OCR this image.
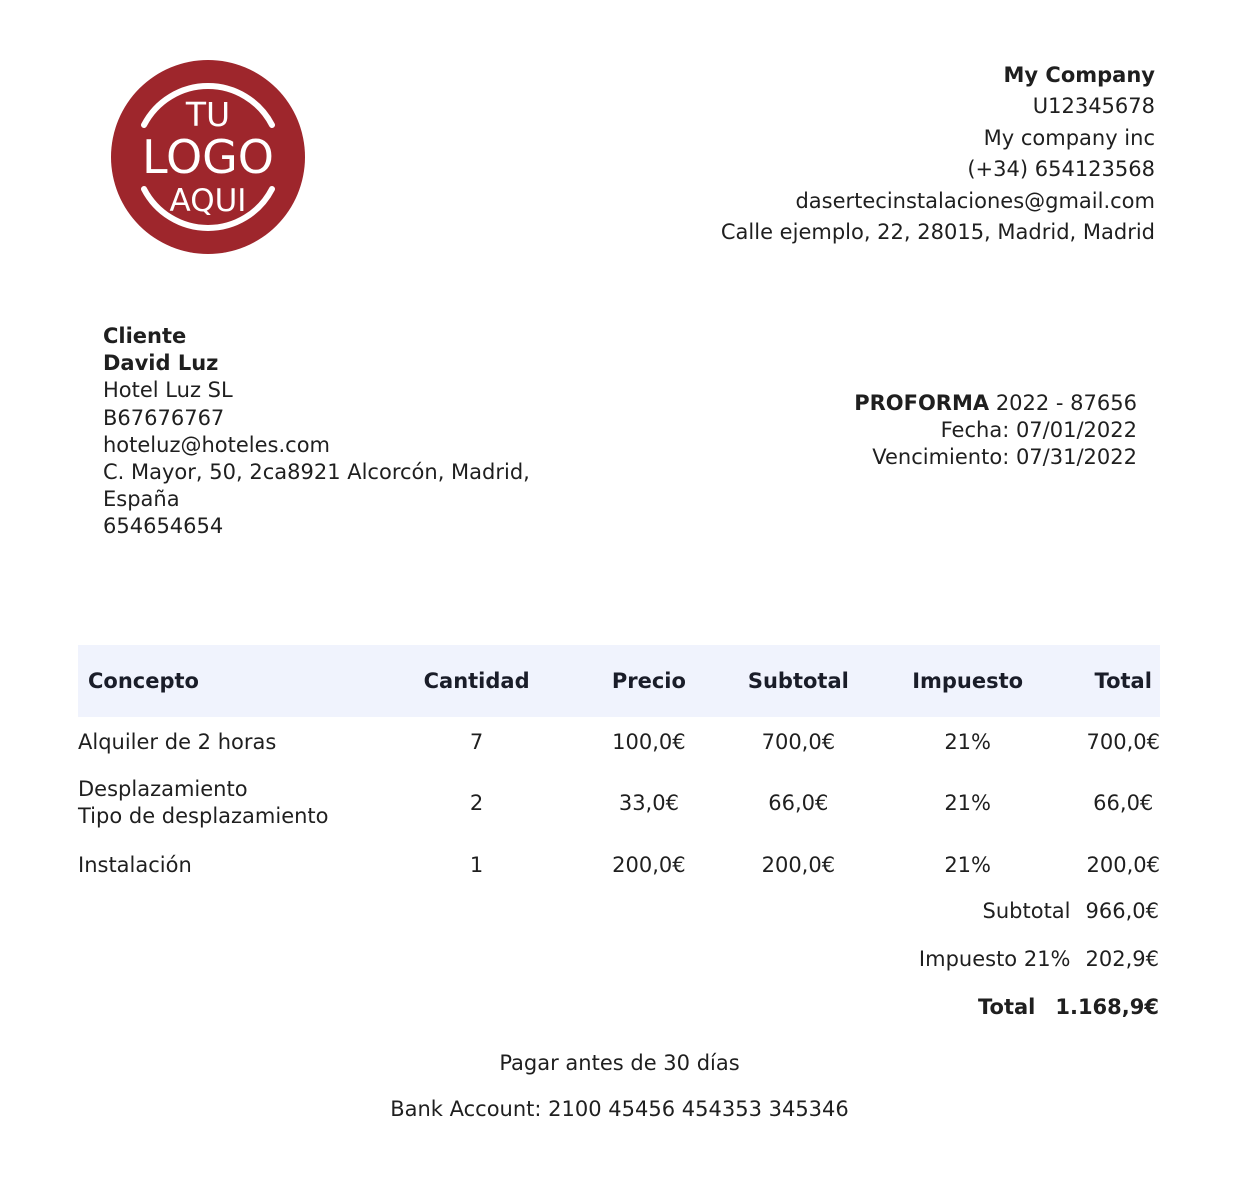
TU
LOGO
AQUI
My Company
U12345678
My company inc
(+34) 654123568
dasertecinstalaciones@gmail.com
Calle ejemplo, 22, 28015, Madrid, Madrid
Cliente
David Luz
Hotel Luz SL
B67676767
hoteluz@hoteles.com
C. Mayor, 50, 2ca8921 Alcorcón, Madrid,
España
654654654
PROFORMA 2022 - 87656
Fecha: 07/01/2022
Vencimiento: 07/31/2022
Concepto	Cantidad	Precio	Subtotal	Impuesto	Total

Alquiler de 2 horas	7	100,0€	700,0€	21%	700,0€

Desplazamiento
Tipo de desplazamiento	2	33,0€	66,0€	21%	66,0€

Instalación	1	200,0€	200,0€	21%	200,0€
Subtotal 966,0€
Impuesto 21% 202,9€
Total 1.168,9€
Pagar antes de 30 días
Bank Account: 2100 45456 454353 345346
